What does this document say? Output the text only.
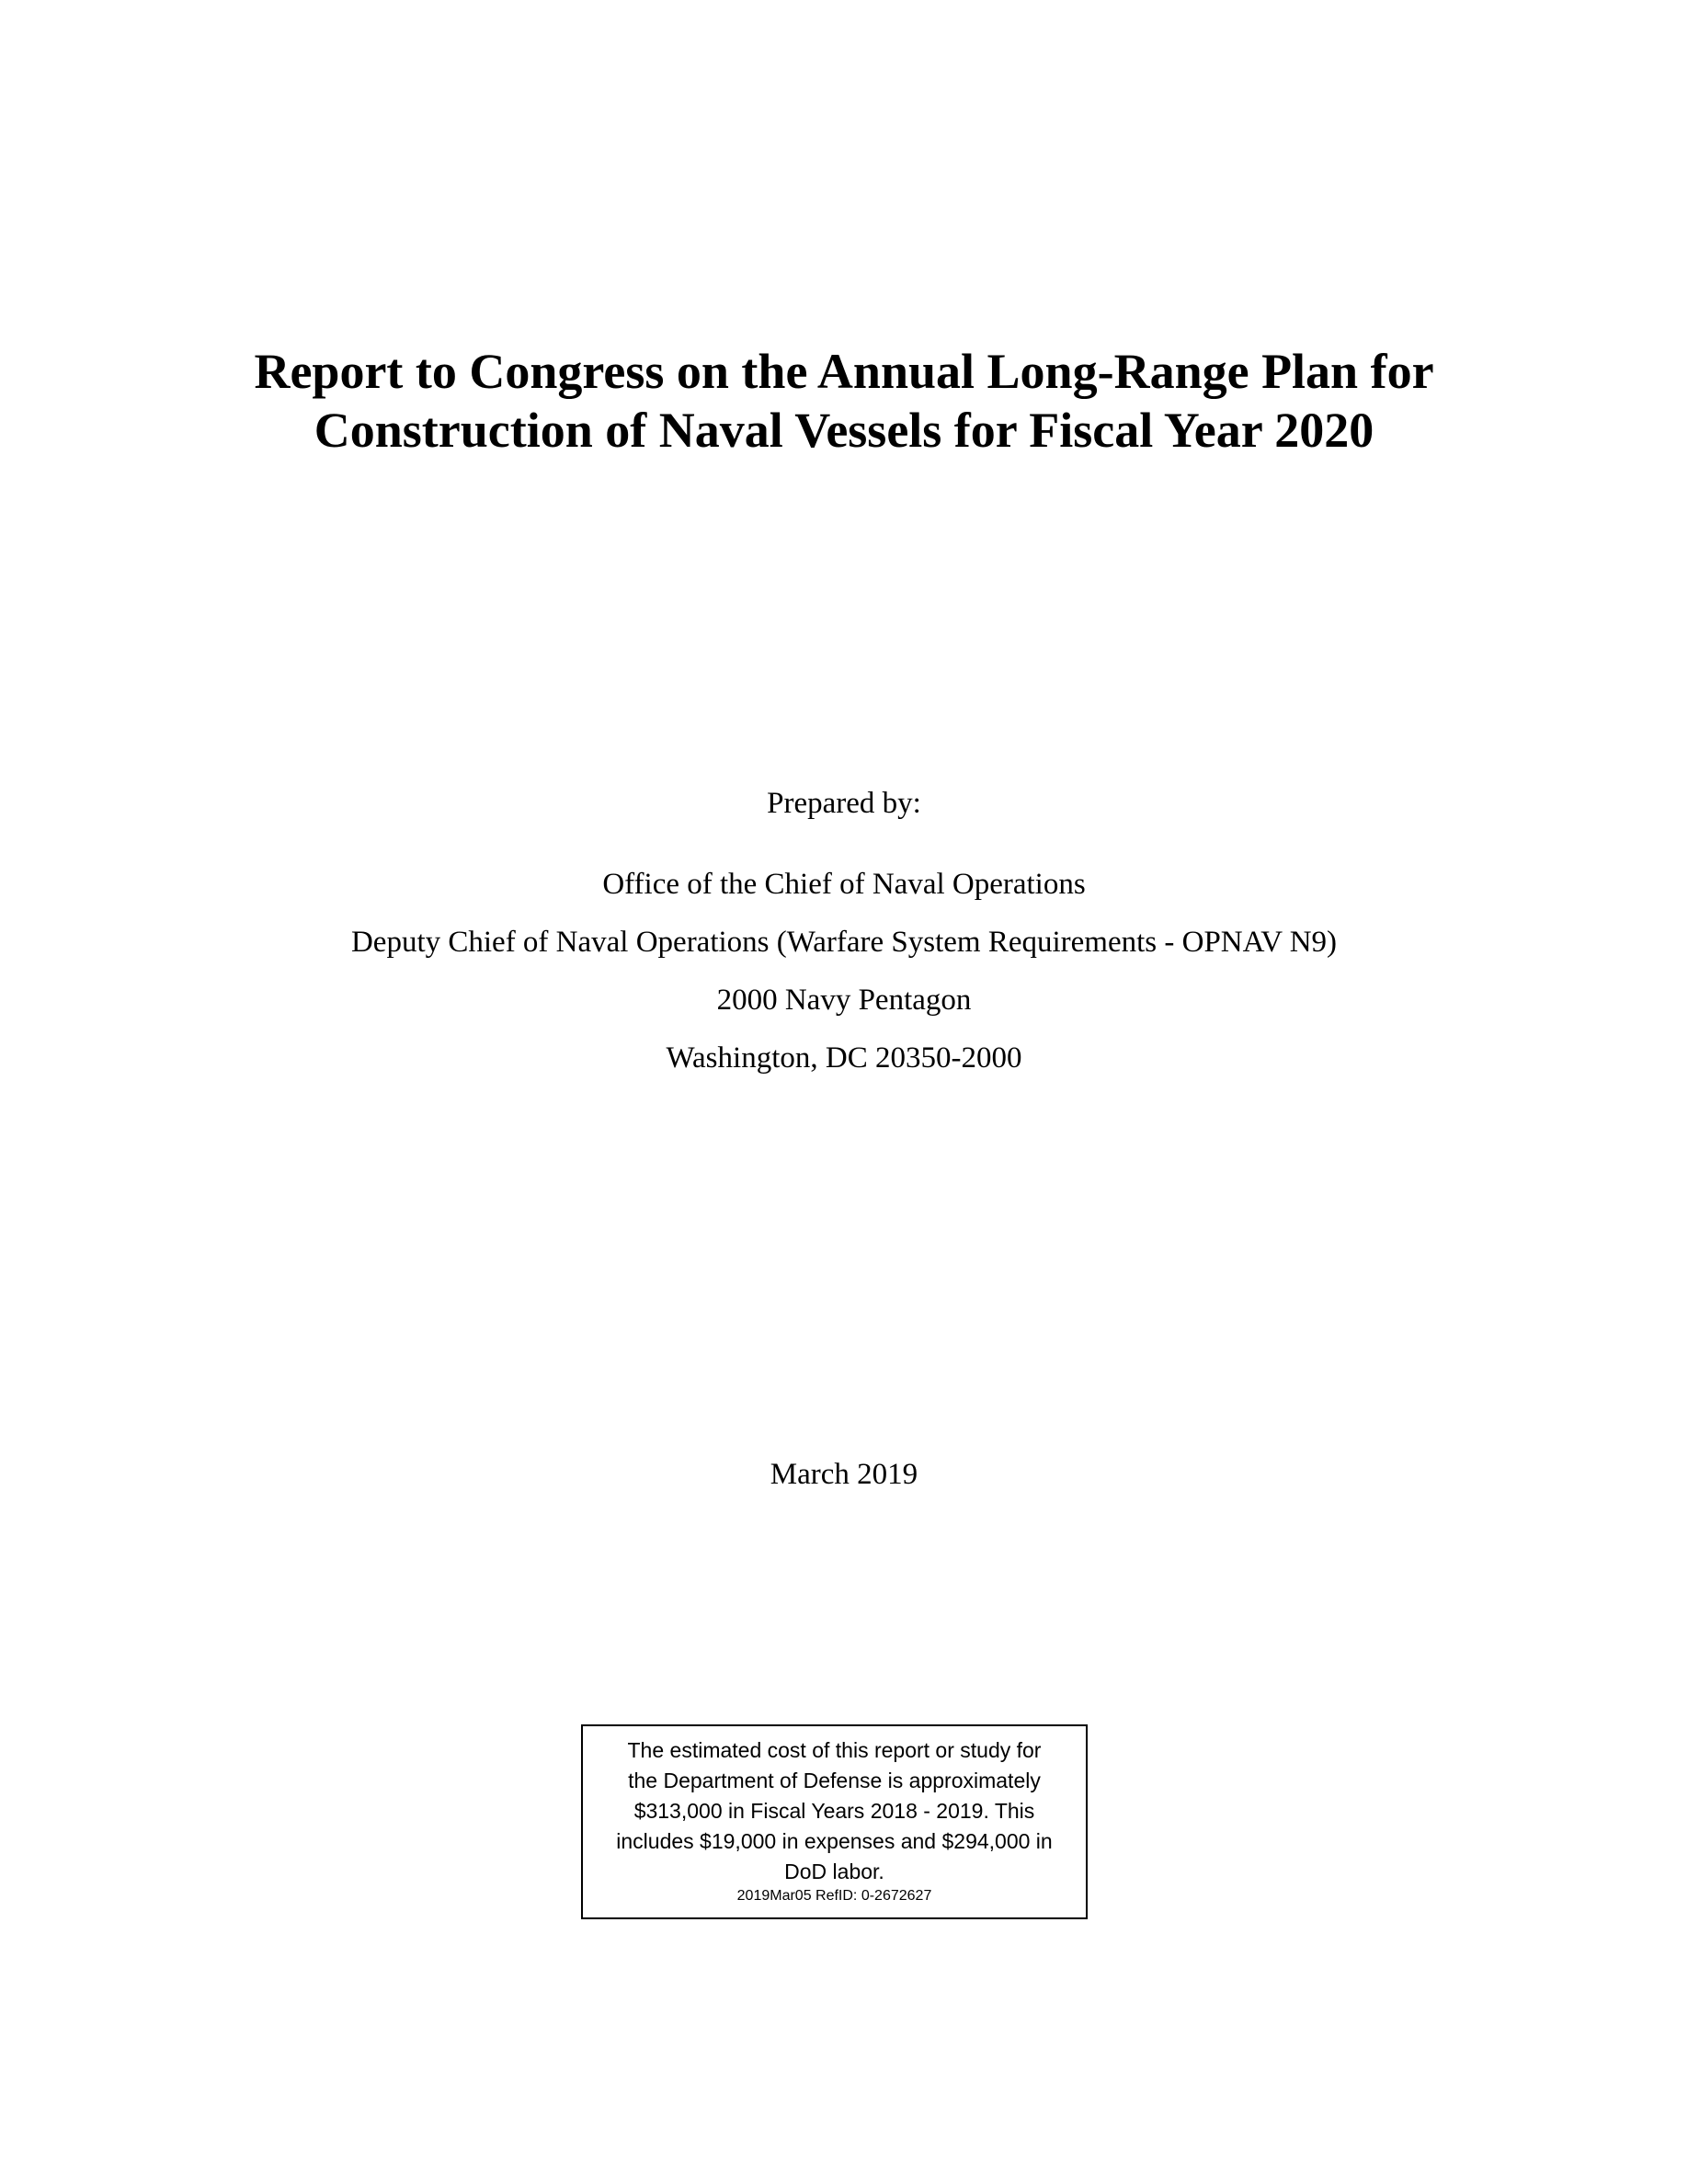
Report to Congress on the Annual Long-Range Plan for
Construction of Naval Vessels for Fiscal Year 2020
Prepared by:
Office of the Chief of Naval Operations
Deputy Chief of Naval Operations (Warfare System Requirements - OPNAV N9)
2000 Navy Pentagon
Washington, DC 20350-2000
March 2019
The estimated cost of this report or study for
the Department of Defense is approximately
$313,000 in Fiscal Years 2018 - 2019. This
includes $19,000 in expenses and $294,000 in
DoD labor.
2019Mar05 RefID: 0-2672627
